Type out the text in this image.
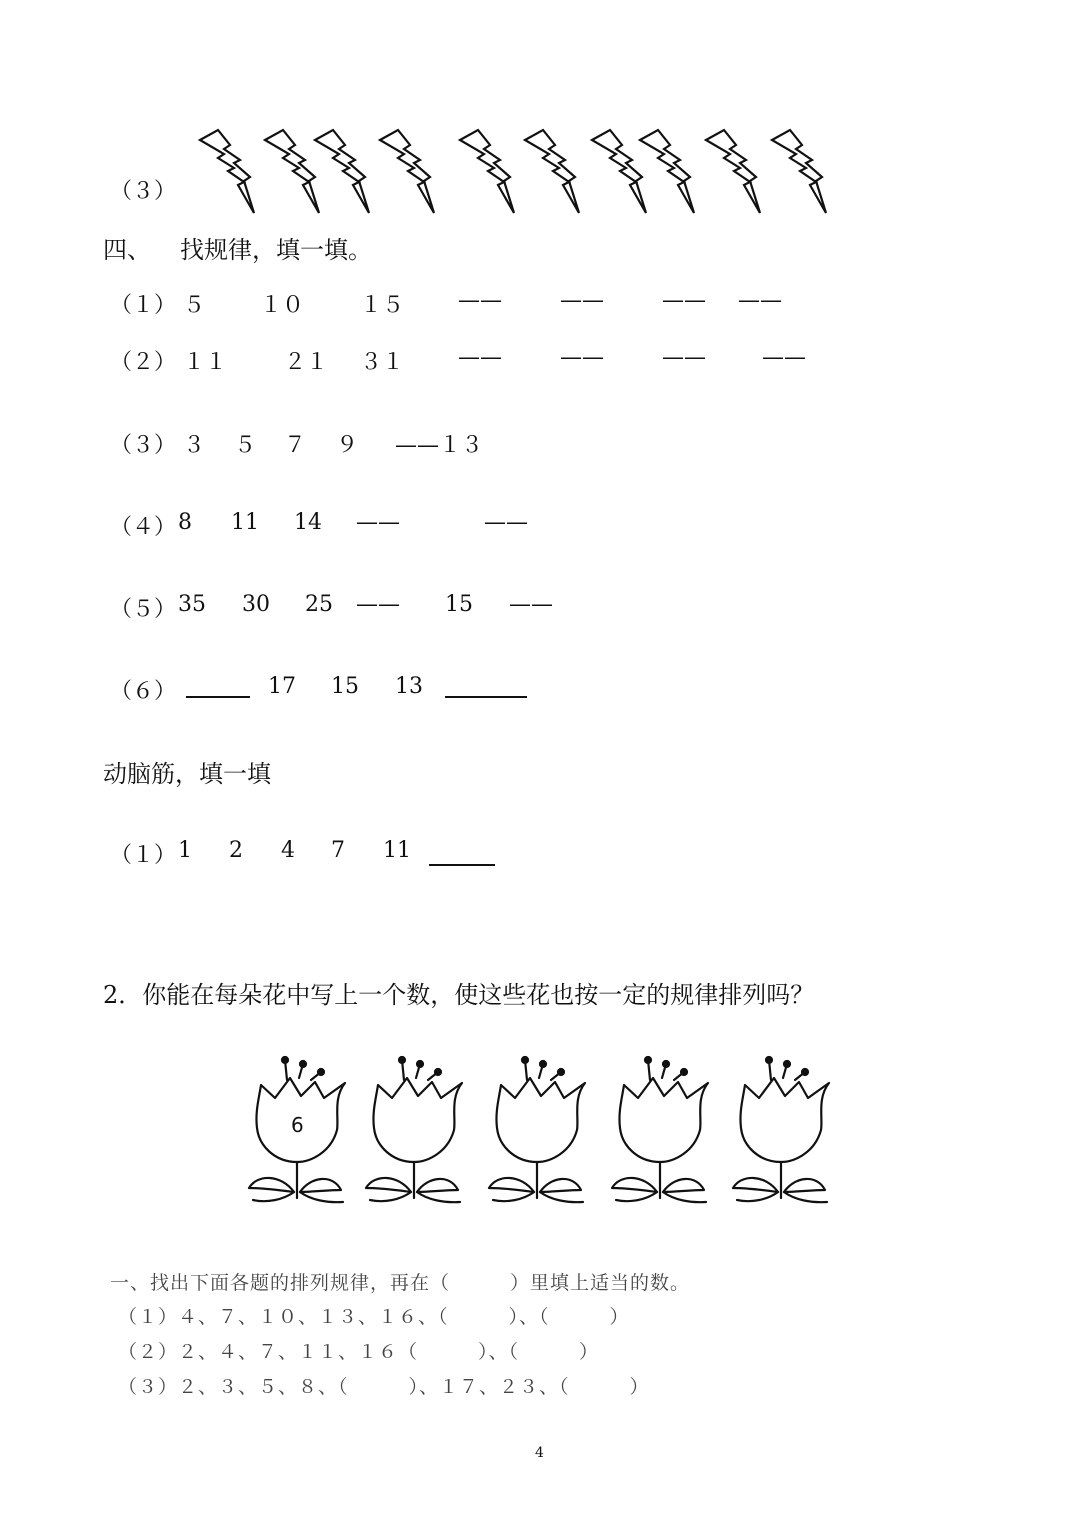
（３）
四、 找规律，填一填。
（１） ５ １０	１５ ——	——	—— ——
（２） １１	２１ ３１ ——	——	——	——
（３） ３ ５ ７ ９ ——１３
（４） 8 11 14 ——	——
（５） 35 30 25 —— 15 ——
（６）	17 15 13
动脑筋，填一填
（１） 1 2 4 7 11
2．你能在每朵花中写上一个数，使这些花也按一定的规律排列吗？
6
一、找出下面各题的排列规律，再在（　　　）里填上适当的数。
（１）４、７、１０、１３、１６、（　　　）、（　　　）
（２）２、４、７、１１、１６（　　　）、（　　　）
（３）２、３、５、８、（　　　）、１７、２３、（　　　）
4
